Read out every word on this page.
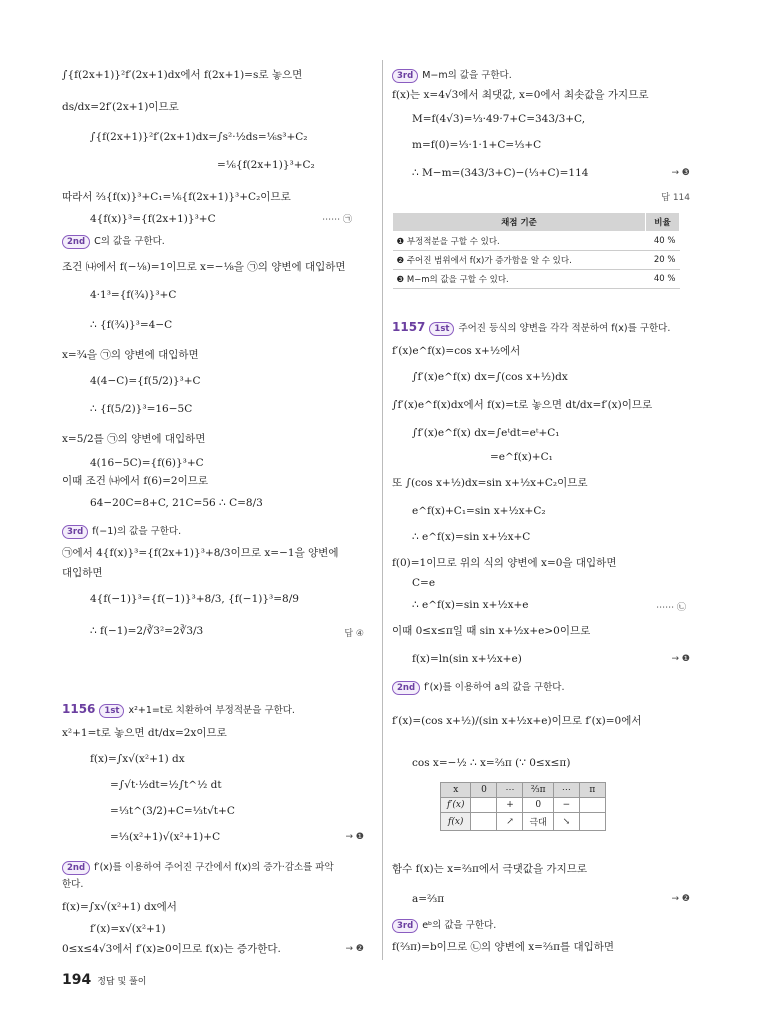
∫{f(2x+1)}²f′(2x+1)dx에서 f(2x+1)=s로 놓으면
ds/dx=2f′(2x+1)이므로
∫{f(2x+1)}²f′(2x+1)dx=∫s²·½ds=⅙s³+C₂
=⅙{f(2x+1)}³+C₂
따라서 ⅔{f(x)}³+C₁=⅙{f(2x+1)}³+C₂이므로
4{f(x)}³={f(2x+1)}³+C	⋯⋯ ㉠
2nd C의 값을 구한다.
조건 ㈏에서 f(−⅛)=1이므로 x=−⅛을 ㉠의 양변에 대입하면
4·1³={f(¾)}³+C
∴ {f(¾)}³=4−C
x=¾을 ㉠의 양변에 대입하면
4(4−C)={f(5/2)}³+C
∴ {f(5/2)}³=16−5C
x=5/2를 ㉠의 양변에 대입하면
4(16−5C)={f(6)}³+C
이때 조건 ㈏에서 f(6)=2이므로
64−20C=8+C, 21C=56 ∴ C=8/3
3rd f(−1)의 값을 구한다.
㉠에서 4{f(x)}³={f(2x+1)}³+8/3이므로 x=−1을 양변에
대입하면
4{f(−1)}³={f(−1)}³+8/3, {f(−1)}³=8/9
∴ f(−1)=2/∛3²=2∛3/3	답 ④
1156 1st x²+1=t로 치환하여 부정적분을 구한다.
x²+1=t로 놓으면 dt/dx=2x이므로
f(x)=∫x√(x²+1) dx
=∫√t·½dt=½∫t^½ dt
=⅓t^(3/2)+C=⅓t√t+C
=⅓(x²+1)√(x²+1)+C	→ ❶
2nd f′(x)를 이용하여 주어진 구간에서 f(x)의 증가·감소를 파악
한다.
f(x)=∫x√(x²+1) dx에서
f′(x)=x√(x²+1)
0≤x≤4√3에서 f′(x)≥0이므로 f(x)는 증가한다.	→ ❷
3rd M−m의 값을 구한다.
f(x)는 x=4√3에서 최댓값, x=0에서 최솟값을 가지므로
M=f(4√3)=⅓·49·7+C=343/3+C,
m=f(0)=⅓·1·1+C=⅓+C
∴ M−m=(343/3+C)−(⅓+C)=114	→ ❸
답 114
채점 기준	비율
❶ 부정적분을 구할 수 있다.	40 %
❷ 주어진 범위에서 f(x)가 증가함을 알 수 있다.	20 %
❸ M−m의 값을 구할 수 있다.	40 %
1157 1st 주어진 등식의 양변을 각각 적분하여 f(x)를 구한다.
f′(x)e^f(x)=cos x+½에서
∫f′(x)e^f(x) dx=∫(cos x+½)dx
∫f′(x)e^f(x)dx에서 f(x)=t로 놓으면 dt/dx=f′(x)이므로
∫f′(x)e^f(x) dx=∫eᵗdt=eᵗ+C₁
=e^f(x)+C₁
또 ∫(cos x+½)dx=sin x+½x+C₂이므로
e^f(x)+C₁=sin x+½x+C₂
∴ e^f(x)=sin x+½x+C
f(0)=1이므로 위의 식의 양변에 x=0을 대입하면
C=e
∴ e^f(x)=sin x+½x+e	⋯⋯ ㉡
이때 0≤x≤π일 때 sin x+½x+e>0이므로
f(x)=ln(sin x+½x+e)	→ ❶
2nd f′(x)를 이용하여 a의 값을 구한다.
f′(x)=(cos x+½)/(sin x+½x+e)이므로 f′(x)=0에서
cos x=−½ ∴ x=⅔π (∵ 0≤x≤π)
x	0	⋯	⅔π	⋯	π
f′(x)		+	0	−	
f(x)		↗	극대	↘	
함수 f(x)는 x=⅔π에서 극댓값을 가지므로
a=⅔π	→ ❷
3rd eᵇ의 값을 구한다.
f(⅔π)=b이므로 ㉡의 양변에 x=⅔π를 대입하면
194 정답 및 풀이
